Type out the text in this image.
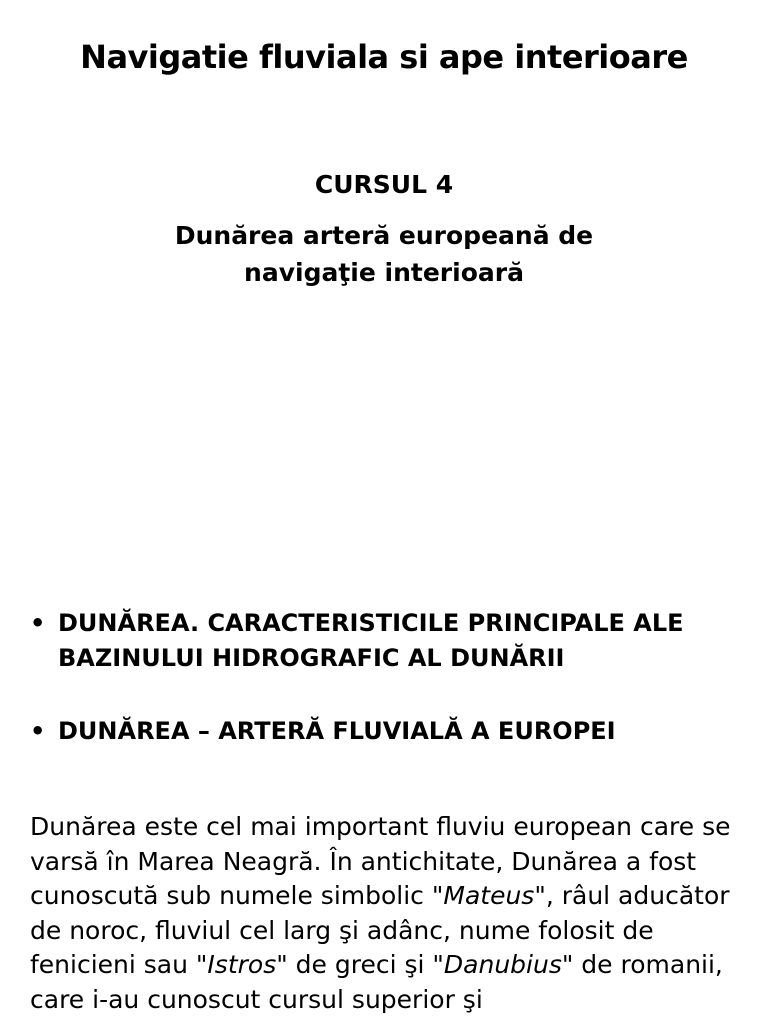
Navigatie fluviala si ape interioare
CURSUL 4
Dunărea arteră europeană de
navigaţie interioară
• DUNĂREA. CARACTERISTICILE PRINCIPALE ALE BAZINULUI HIDROGRAFIC AL DUNĂRII
• DUNĂREA – ARTERĂ FLUVIALĂ A EUROPEI

Dunărea este cel mai important fluviu european care se varsă în Marea Neagră. În antichitate, Dunărea a fost cunoscută sub numele simbolic "Mateus", râul aducător de noroc, fluviul cel larg şi adânc, nume folosit de fenicieni sau "Istros" de greci şi "Danubius" de romanii, care i-au cunoscut cursul superior şi
